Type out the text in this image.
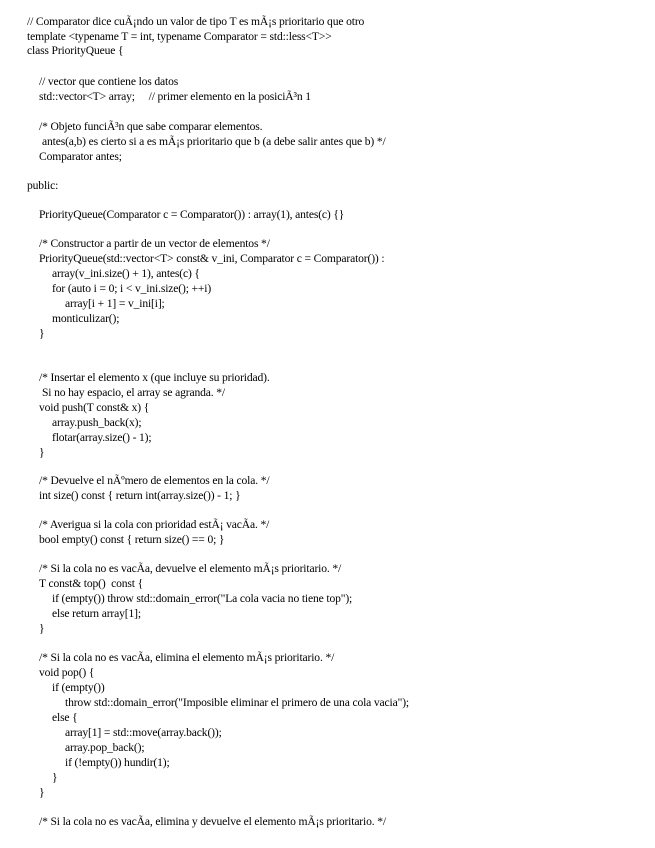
// Comparator dice cuÃ¡ndo un valor de tipo T es mÃ¡s prioritario que otro
template <typename T = int, typename Comparator = std::less<T>>
class PriorityQueue {
// vector que contiene los datos
std::vector<T> array;     // primer elemento en la posiciÃ³n 1
/* Objeto funciÃ³n que sabe comparar elementos.
antes(a,b) es cierto si a es mÃ¡s prioritario que b (a debe salir antes que b) */
Comparator antes;
public:
PriorityQueue(Comparator c = Comparator()) : array(1), antes(c) {}
/* Constructor a partir de un vector de elementos */
PriorityQueue(std::vector<T> const& v_ini, Comparator c = Comparator()) :
array(v_ini.size() + 1), antes(c) {
for (auto i = 0; i < v_ini.size(); ++i)
array[i + 1] = v_ini[i];
monticulizar();
}
/* Insertar el elemento x (que incluye su prioridad).
Si no hay espacio, el array se agranda. */
void push(T const& x) {
array.push_back(x);
flotar(array.size() - 1);
}
/* Devuelve el nÃºmero de elementos en la cola. */
int size() const { return int(array.size()) - 1; }
/* Averigua si la cola con prioridad estÃ¡ vacÃa. */
bool empty() const { return size() == 0; }
/* Si la cola no es vacÃa, devuelve el elemento mÃ¡s prioritario. */
T const& top()  const {
if (empty()) throw std::domain_error("La cola vacia no tiene top");
else return array[1];
}
/* Si la cola no es vacÃa, elimina el elemento mÃ¡s prioritario. */
void pop() {
if (empty())
throw std::domain_error("Imposible eliminar el primero de una cola vacia");
else {
array[1] = std::move(array.back());
array.pop_back();
if (!empty()) hundir(1);
}
}
/* Si la cola no es vacÃa, elimina y devuelve el elemento mÃ¡s prioritario. */
